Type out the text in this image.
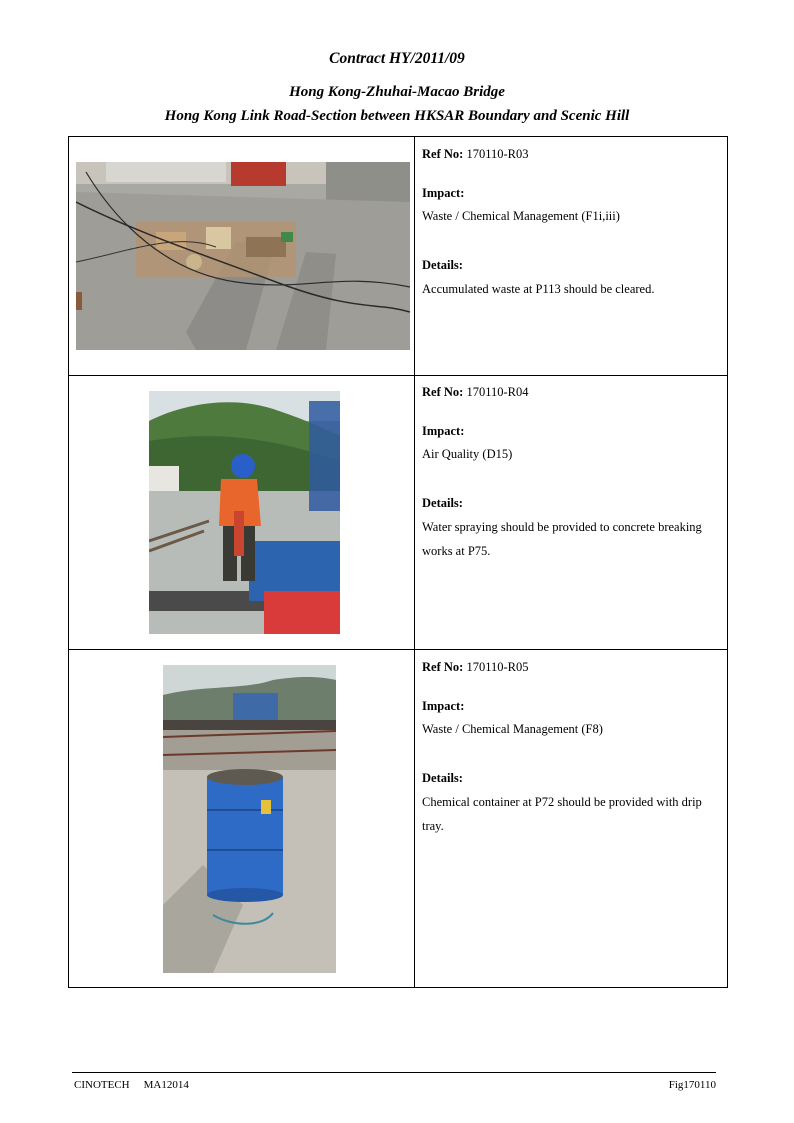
Contract HY/2011/09
Hong Kong-Zhuhai-Macao Bridge
Hong Kong Link Road-Section between HKSAR Boundary and Scenic Hill
Ref No: 170110-R03
Impact:
Waste / Chemical Management (F1i,iii)
Details:
Accumulated waste at P113 should be cleared.
Ref No: 170110-R04
Impact:
Air Quality (D15)
Details:
Water spraying should be provided to concrete breaking
works at P75.
Ref No: 170110-R05
Impact:
Waste / Chemical Management (F8)
Details:
Chemical container at P72 should be provided with drip
tray.
CINOTECH MA12014	Fig170110
